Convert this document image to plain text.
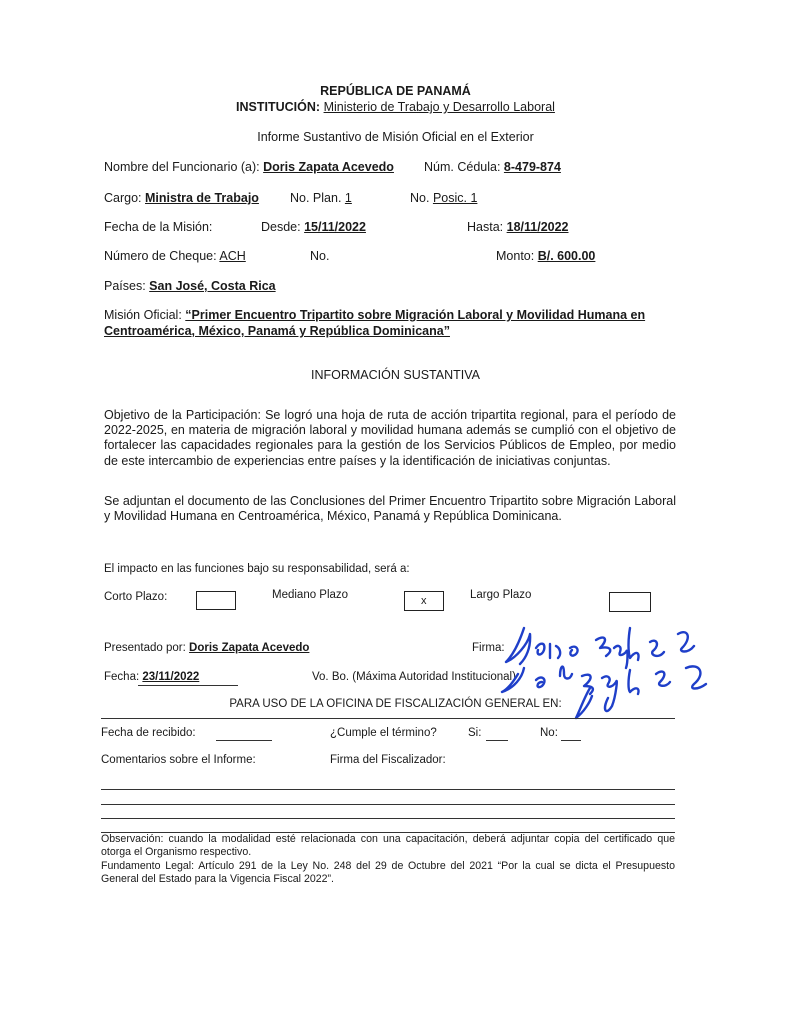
REPÚBLICA DE PANAMÁ
INSTITUCIÓN: Ministerio de Trabajo y Desarrollo Laboral
Informe Sustantivo de Misión Oficial en el Exterior
Nombre del Funcionario (a): Doris Zapata Acevedo Núm. Cédula: 8-479-874
Cargo: Ministra de Trabajo No. Plan. 1	No. Posic. 1
Fecha de la Misión:	Desde: 15/11/2022	Hasta: 18/11/2022
Número de Cheque: ACH	No.	Monto: B/. 600.00
Países: San José, Costa Rica
Misión Oficial: “Primer Encuentro Tripartito sobre Migración Laboral y Movilidad Humana en
Centroamérica, México, Panamá y República Dominicana”
INFORMACIÓN SUSTANTIVA
Objetivo de la Participación: Se logró una hoja de ruta de acción tripartita regional, para el período de 2022-2025, en materia de migración laboral y movilidad humana además se cumplió con el objetivo de fortalecer las capacidades regionales para la gestión de los Servicios Públicos de Empleo, por medio de este intercambio de experiencias entre países y la identificación de iniciativas conjuntas.
Se adjuntan el documento de las Conclusiones del Primer Encuentro Tripartito sobre Migración Laboral y Movilidad Humana en Centroamérica, México, Panamá y República Dominicana.
El impacto en las funciones bajo su responsabilidad, será a:
Corto Plazo:	Mediano Plazo	x	Largo Plazo
Presentado por: Doris Zapata Acevedo	Firma:
Fecha: 23/11/2022	Vo. Bo. (Máxima Autoridad Institucional)
PARA USO DE LA OFICINA DE FISCALIZACIÓN GENERAL EN:
Fecha de recibido:	¿Cumple el término?	Si:	No:
Comentarios sobre el Informe:	Firma del Fiscalizador:
Observación: cuando la modalidad esté relacionada con una capacitación, deberá adjuntar copia del certificado que otorga el Organismo respectivo.
Fundamento Legal: Artículo 291 de la Ley No. 248 del 29 de Octubre del 2021 “Por la cual se dicta el Presupuesto General del Estado para la Vigencia Fiscal 2022”.
